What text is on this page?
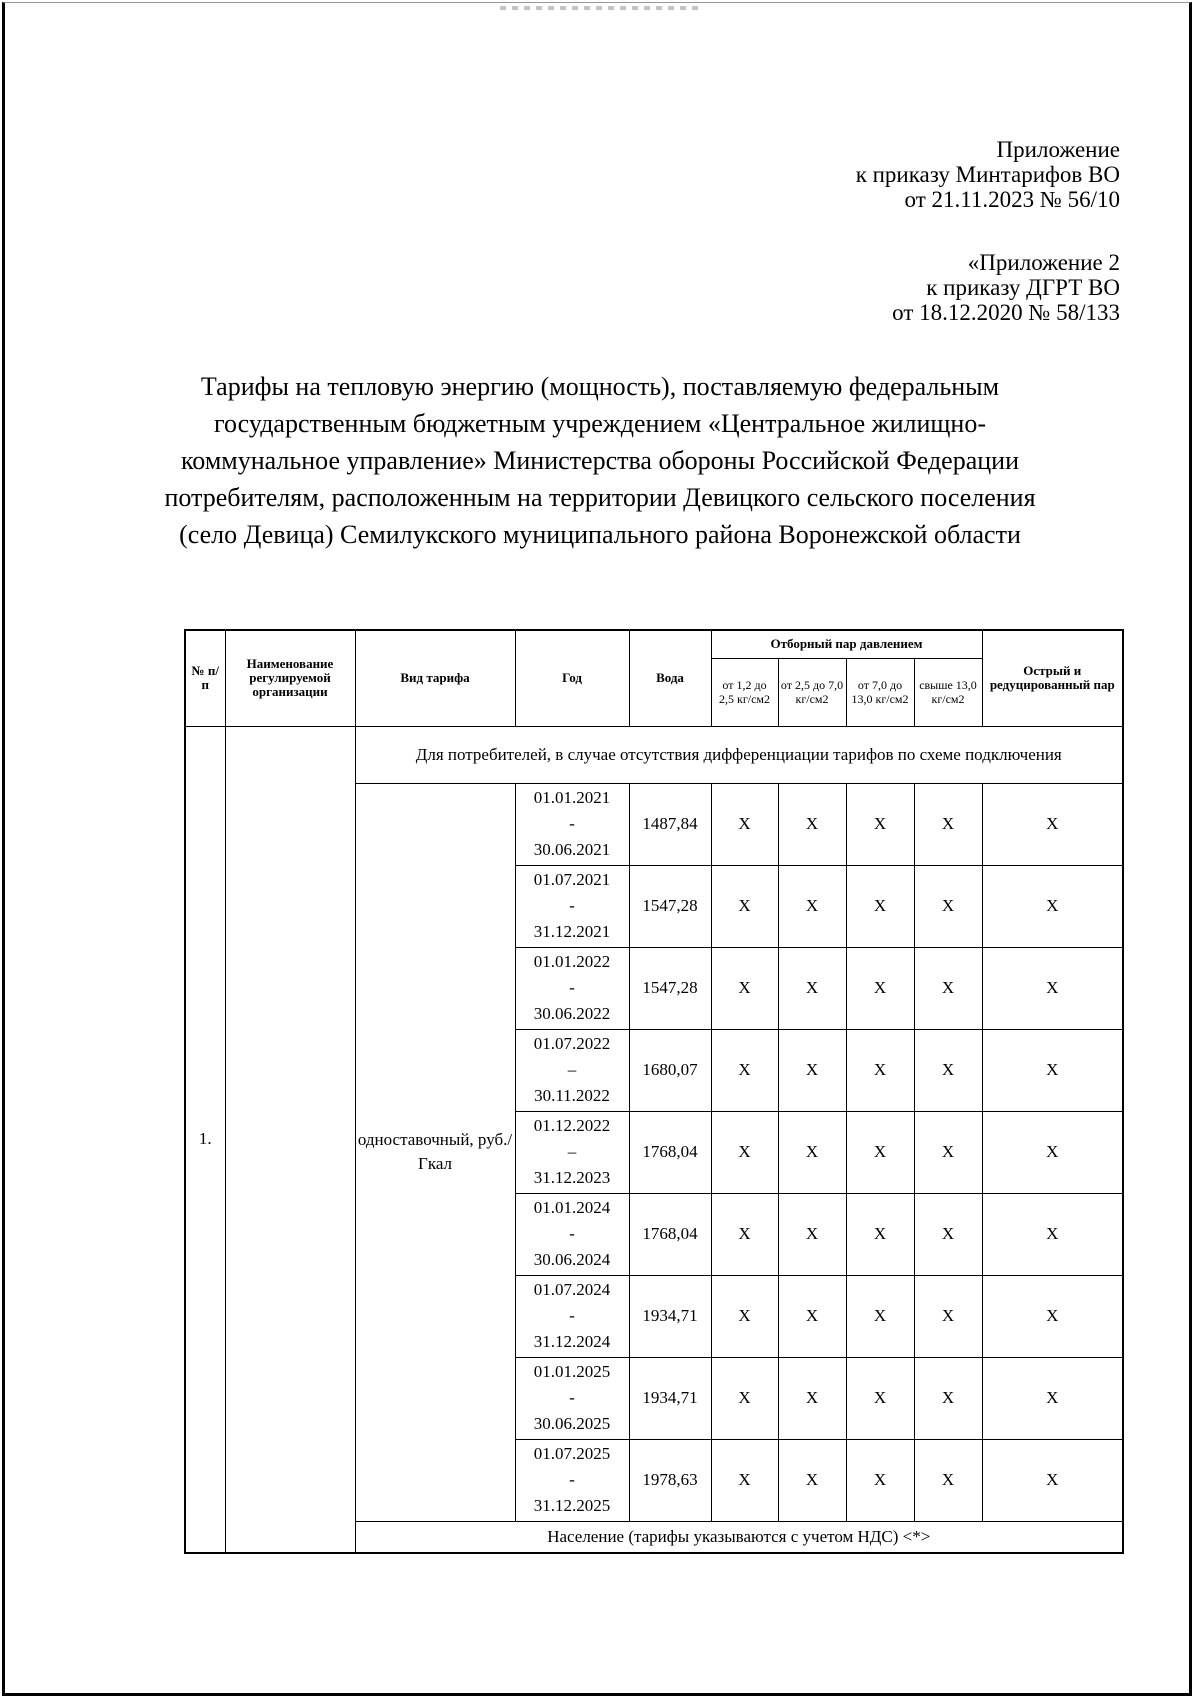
Приложение
к приказу Минтарифов ВО
от 21.11.2023 № 56/10
«Приложение 2
к приказу ДГРТ ВО
от 18.12.2020 № 58/133
Тарифы на тепловую энергию (мощность), поставляемую федеральным государственным бюджетным учреждением «Центральное жилищно-коммунальное управление» Министерства обороны Российской Федерации потребителям, расположенным на территории Девицкого сельского поселения (село Девица) Семилукского муниципального района Воронежской области
№ п/п	Наименование регулируемой организации	Вид тарифа	Год	Вода	Отборный пар давлением				Острый и редуцированный пар
					от 1,2 до 2,5 кг/см2	от 2,5 до 7,0 кг/см2	от 7,0 до 13,0 кг/см2	свыше 13,0 кг/см2	
1.		Для потребителей, в случае отсутствия дифференциации тарифов по схеме подключения							
		одноставочный, руб./Гкал	01.01.2021
-
30.06.2021	1487,84	X	X	X	X	X

			01.07.2021
-
31.12.2021	1547,28	X	X	X	X	X

			01.01.2022
-
30.06.2022	1547,28	X	X	X	X	X

			01.07.2022
–
30.11.2022	1680,07	X	X	X	X	X

			01.12.2022
–
31.12.2023	1768,04	X	X	X	X	X

			01.01.2024
-
30.06.2024	1768,04	X	X	X	X	X

			01.07.2024
-
31.12.2024	1934,71	X	X	X	X	X

			01.01.2025
-
30.06.2025	1934,71	X	X	X	X	X

			01.07.2025
-
31.12.2025	1978,63	X	X	X	X	X
		Население (тарифы указываются с учетом НДС) <*>							
